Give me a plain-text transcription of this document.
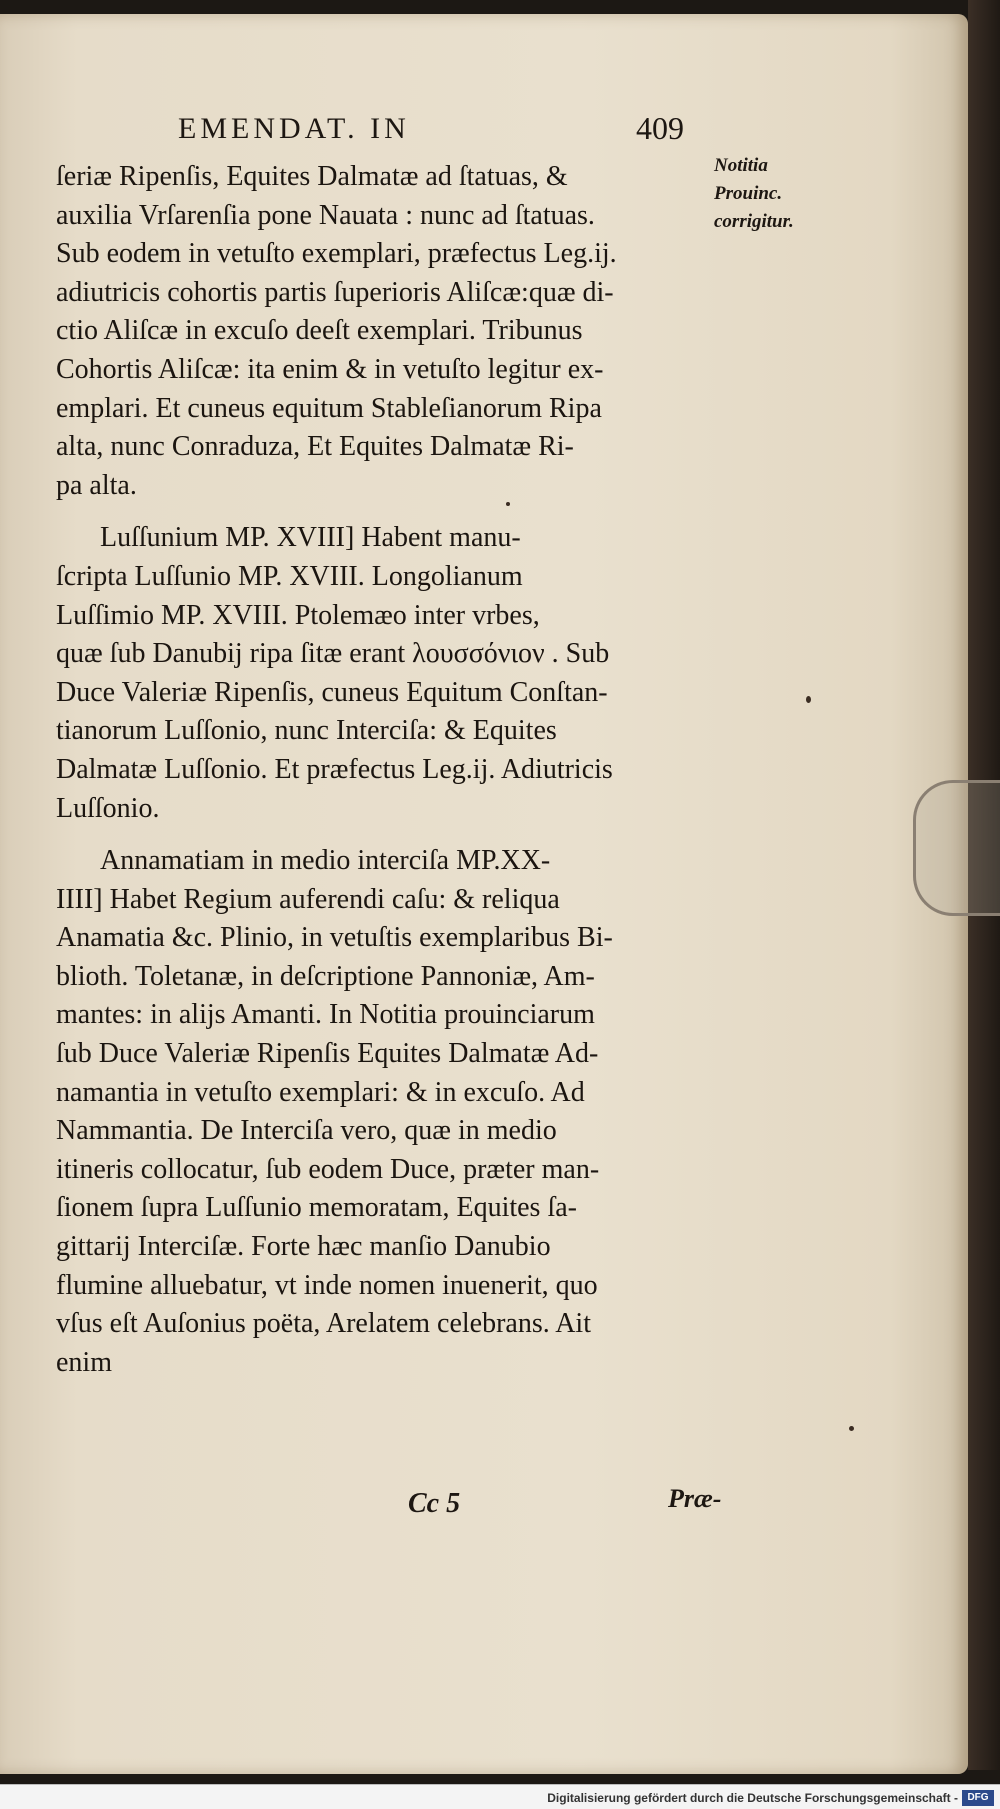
EMENDAT. IN	409
Notitia
Prouinc.
corrigitur.
ſeriæ Ripenſis, Equites Dalmatæ ad ſtatuas, &
auxilia Vrſarenſia pone Nauata : nunc ad ſtatuas.
Sub eodem in vetuſto exemplari, præfectus Leg.ij.
adiutricis cohortis partis ſuperioris Aliſcæ:quæ di-
ctio Aliſcæ in excuſo deeſt exemplari. Tribunus
Cohortis Aliſcæ: ita enim & in vetuſto legitur ex-
emplari. Et cuneus equitum Stableſianorum Ripa
alta, nunc Conraduza, Et Equites Dalmatæ Ri-
pa alta.
Luſſunium MP. XVIII] Habent manu-
ſcripta Luſſunio MP. XVIII. Longolianum
Luſſimio MP. XVIII. Ptolemæo inter vrbes,
quæ ſub Danubij ripa ſitæ erant λουσσόνιον . Sub
Duce Valeriæ Ripenſis, cuneus Equitum Conſtan-
tianorum Luſſonio, nunc Interciſa: & Equites
Dalmatæ Luſſonio. Et præfectus Leg.ij. Adiutricis
Luſſonio.
Annamatiam in medio interciſa MP.XX-
IIII] Habet Regium auferendi caſu: & reliqua
Anamatia &c. Plinio, in vetuſtis exemplaribus Bi-
blioth. Toletanæ, in deſcriptione Pannoniæ, Am-
mantes: in alijs Amanti. In Notitia prouinciarum
ſub Duce Valeriæ Ripenſis Equites Dalmatæ Ad-
namantia in vetuſto exemplari: & in excuſo. Ad
Nammantia. De Interciſa vero, quæ in medio
itineris collocatur, ſub eodem Duce, præter man-
ſionem ſupra Luſſunio memoratam, Equites ſa-
gittarij Interciſæ. Forte hæc manſio Danubio
flumine alluebatur, vt inde nomen inuenerit, quo
vſus eſt Auſonius poëta, Arelatem celebrans. Ait
enim
Cc 5	Præ-
Digitalisierung gefördert durch die Deutsche Forschungsgemeinschaft - DFG
